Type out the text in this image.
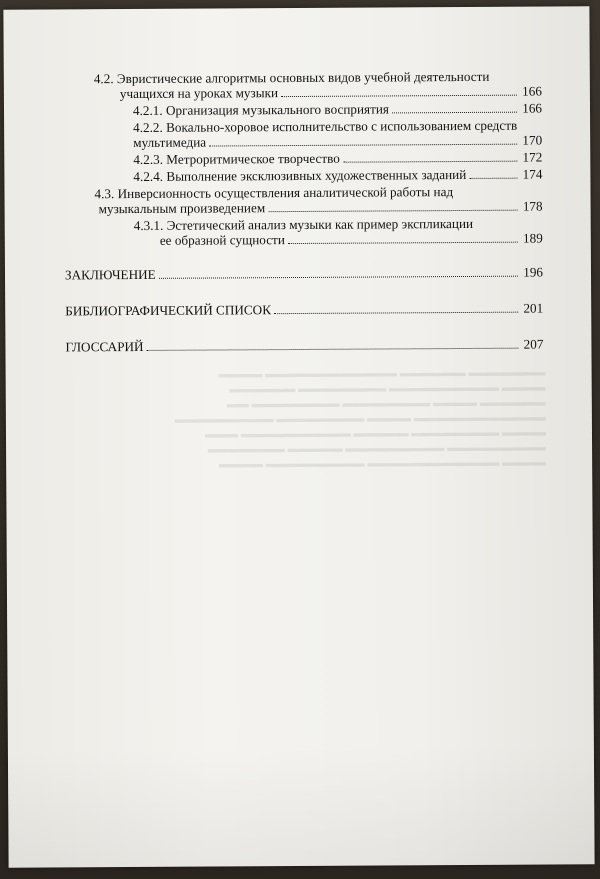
▬▬▬▬▬▬▬ ▬▬▬▬▬▬ ▬▬▬▬▬▬▬▬▬▬▬▬ ▬▬▬▬
▬▬▬▬ ▬▬▬▬▬▬▬▬▬▬ ▬▬▬▬▬▬▬▬ ▬▬▬▬▬▬
▬▬▬▬▬▬ ▬▬▬▬ ▬▬▬▬▬▬▬▬ ▬▬▬▬▬▬▬▬ ▬▬
▬▬▬▬▬▬▬▬▬▬▬▬ ▬▬▬▬ ▬▬▬▬▬▬▬▬ ▬▬▬▬▬▬▬▬▬
▬▬▬▬ ▬▬▬▬▬▬▬▬ ▬▬▬▬▬ ▬▬▬▬▬▬▬▬▬▬ ▬▬▬
▬▬▬▬▬▬▬▬▬ ▬▬▬▬▬▬▬▬▬ ▬▬▬▬▬ ▬▬▬▬▬▬▬
▬▬▬▬ ▬▬▬▬▬▬▬▬▬▬▬▬ ▬▬▬▬▬▬▬▬▬ ▬▬▬▬
4.2. Эвристические алгоритмы основных видов учебной деятельности
учащихся на уроках музыки	166
4.2.1. Организация музыкального восприятия	166
4.2.2. Вокально-хоровое исполнительство с использованием средств
мультимедиа	170
4.2.3. Метроритмическое творчество	172
4.2.4. Выполнение эксклюзивных художественных заданий	174
4.3. Инверсионность осуществления аналитической работы над
музыкальным произведением	178
4.3.1. Эстетический анализ музыки как пример экспликации
ее образной сущности	189
ЗАКЛЮЧЕНИЕ	196
БИБЛИОГРАФИЧЕСКИЙ СПИСОК	201
ГЛОССАРИЙ	207
